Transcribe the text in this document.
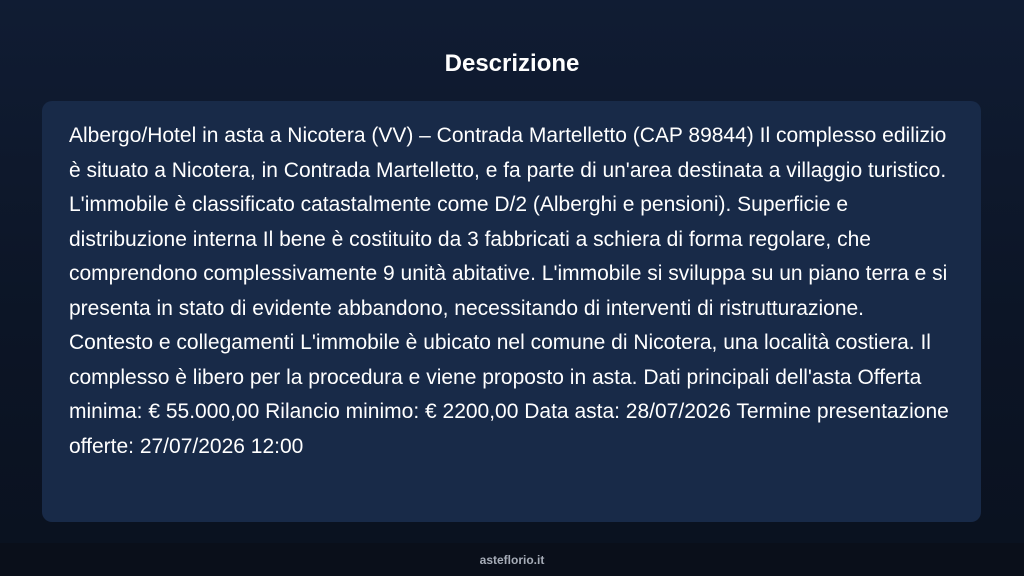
Descrizione

Albergo/Hotel in asta a Nicotera (VV) – Contrada Martelletto (CAP 89844) Il complesso edilizio è situato a Nicotera, in Contrada Martelletto, e fa parte di un'area destinata a villaggio turistico. L'immobile è classificato catastalmente come D/2 (Alberghi e pensioni). Superficie e distribuzione interna Il bene è costituito da 3 fabbricati a schiera di forma regolare, che comprendono complessivamente 9 unità abitative. L'immobile si sviluppa su un piano terra e si presenta in stato di evidente abbandono, necessitando di interventi di ristrutturazione. Contesto e collegamenti L'immobile è ubicato nel comune di Nicotera, una località costiera. Il complesso è libero per la procedura e viene proposto in asta. Dati principali dell'asta Offerta minima: € 55.000,00 Rilancio minimo: € 2200,00 Data asta: 28/07/2026 Termine presentazione offerte: 27/07/2026 12:00

asteflorio.it
